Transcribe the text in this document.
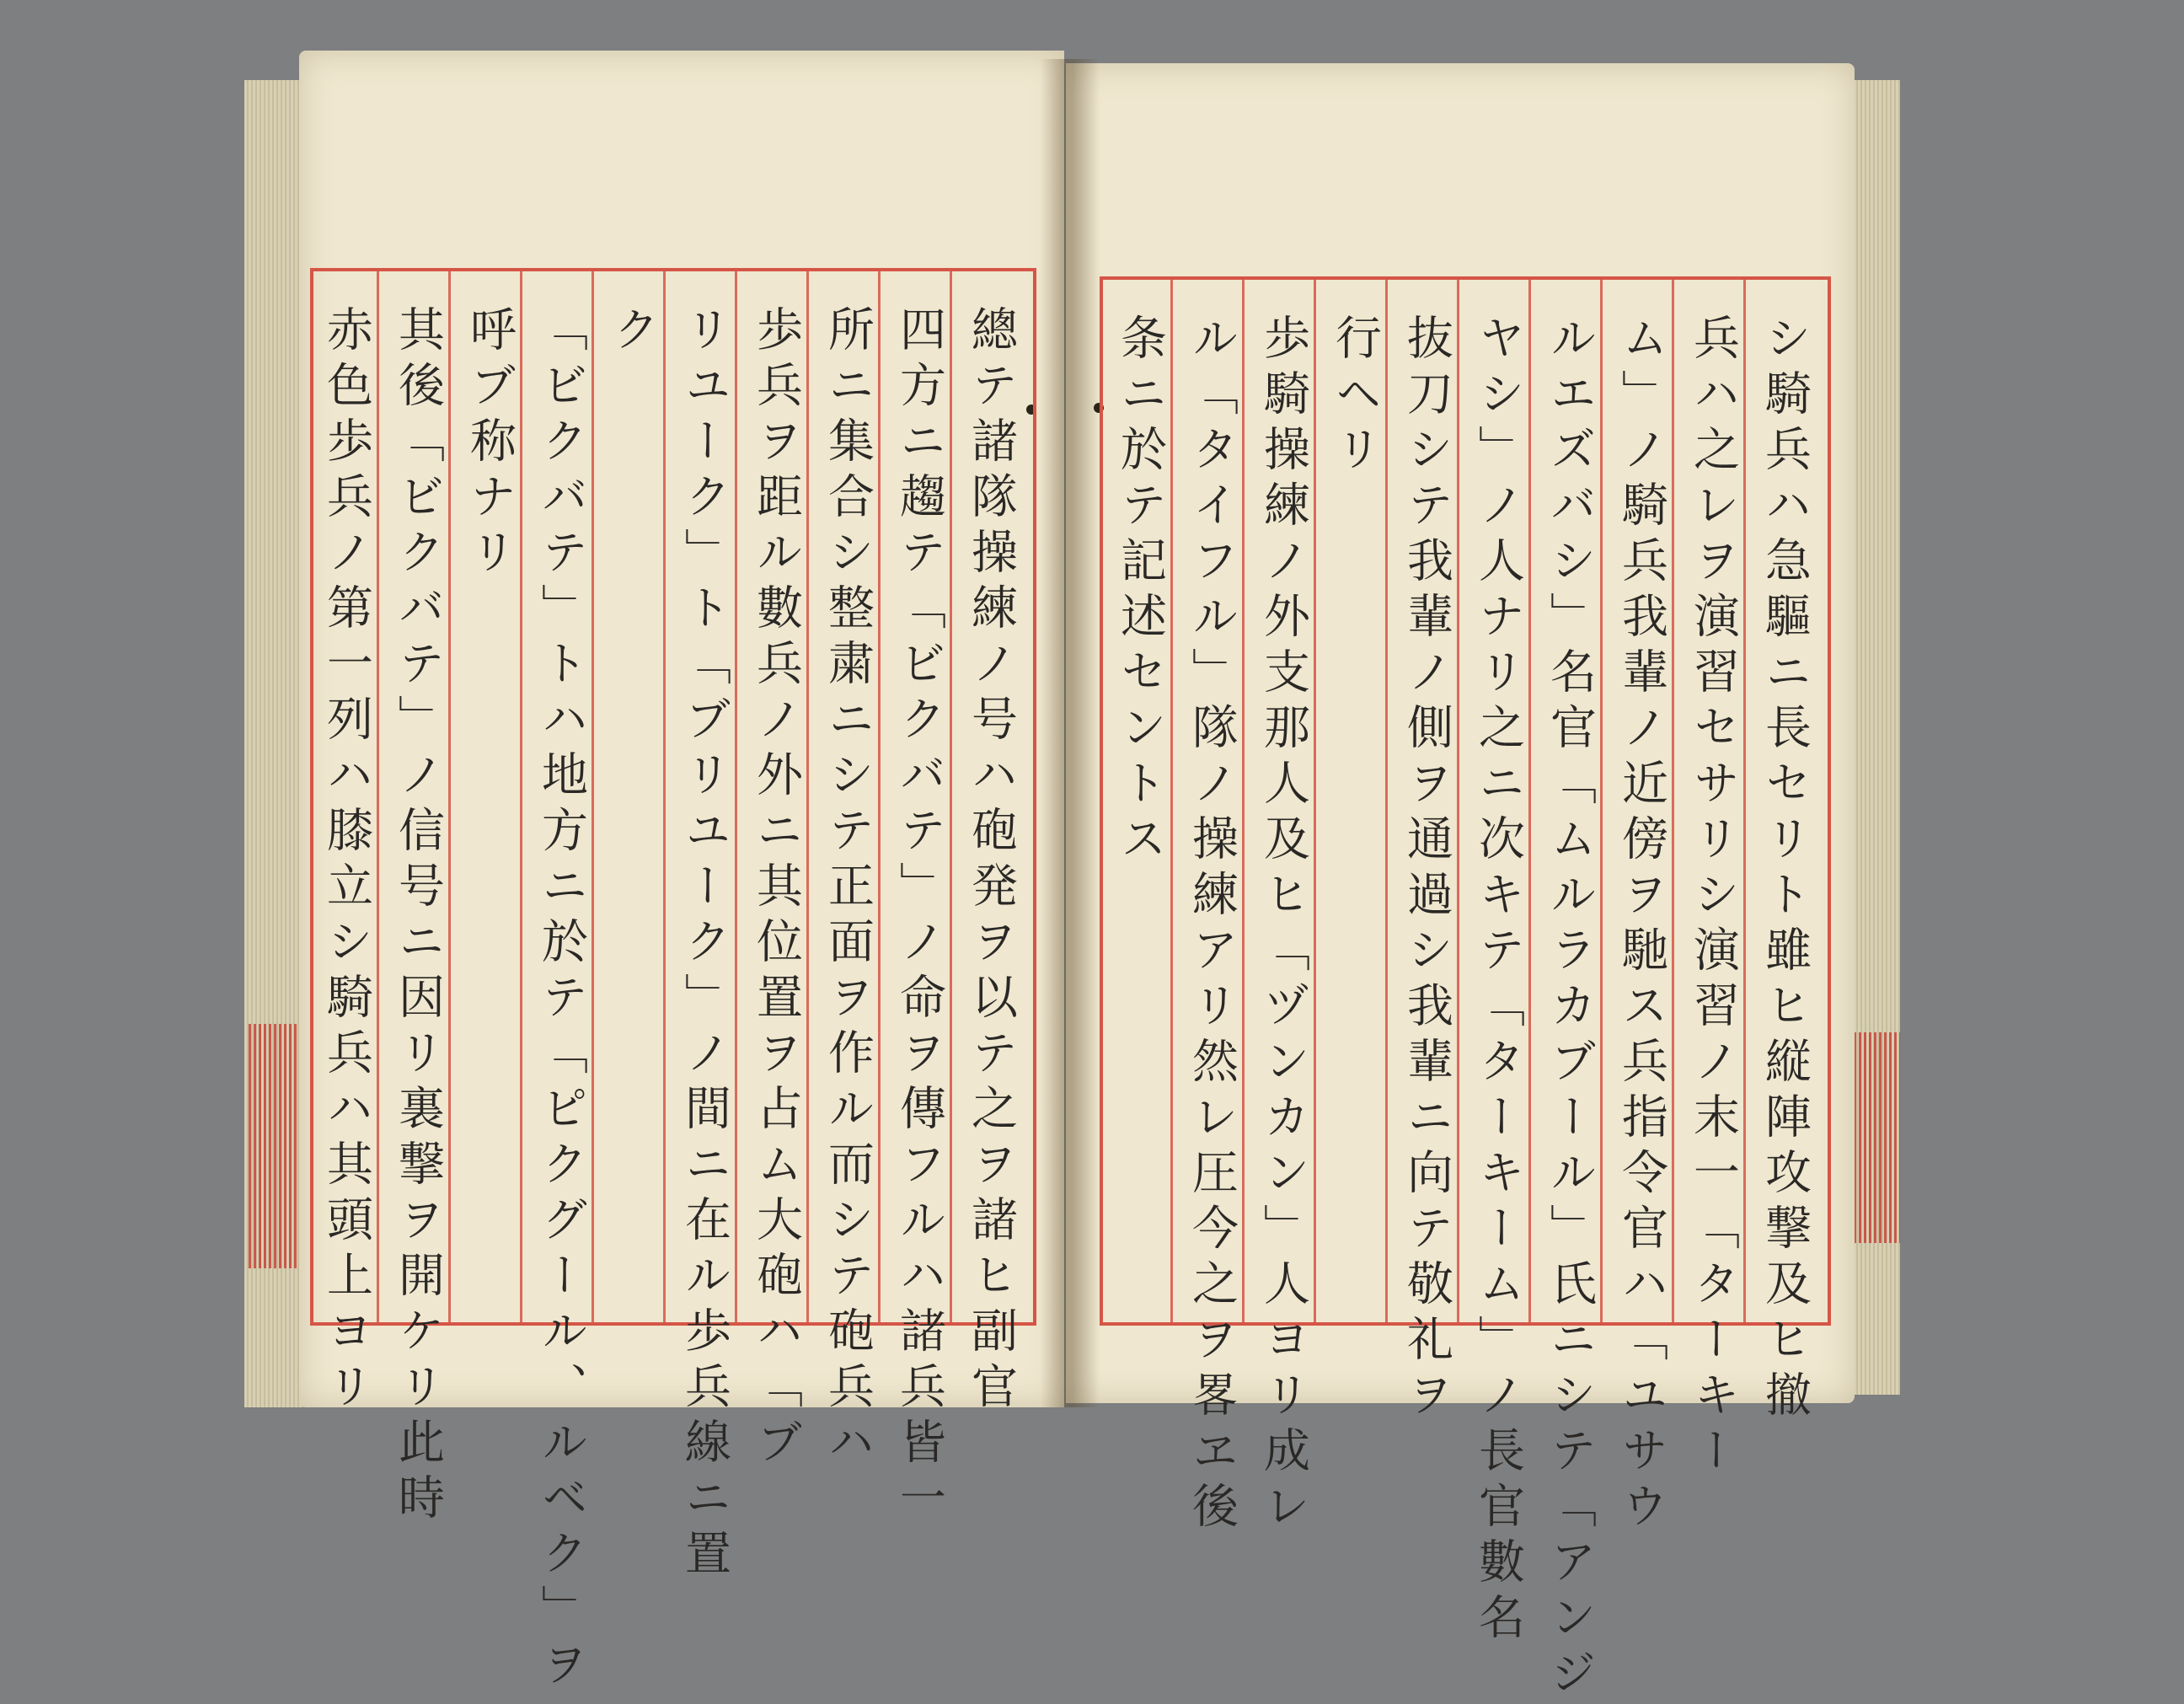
總テ諸隊操練ノ号ハ砲発ヲ以テ之ヲ諸ヒ副官
四方ニ趨テ「ビクバテ」ノ命ヲ傳フルハ諸兵皆一
所ニ集合シ整粛ニシテ正面ヲ作ル而シテ砲兵ハ
歩兵ヲ距ル數兵ノ外ニ其位置ヲ占ム大砲ハ「ブ
リユーク」ト「ブリユーク」ノ間ニ在ル歩兵線ニ置
ク
「ビクバテ」トハ地方ニ於テ「ピクグール、ルベク」ヲ
呼ブ称ナリ
其後「ビクバテ」ノ信号ニ因リ裏撃ヲ開ケリ此時
赤色歩兵ノ第一列ハ膝立シ騎兵ハ其頭上ヨリ	シ騎兵ハ急驅ニ長セリト雖ヒ縦陣攻撃及ヒ撤
兵ハ之レヲ演習セサリシ演習ノ末一「ターキー
ム」ノ騎兵我輩ノ近傍ヲ馳ス兵指令官ハ「ユサウ
ルエズバシ」名官「ムルラカブール」氏ニシテ「アンジ
ヤシ」ノ人ナリ之ニ次キテ「ターキーム」ノ長官數名
抜刀シテ我輩ノ側ヲ通過シ我輩ニ向テ敬礼ヲ
行ヘリ
歩騎操練ノ外支那人及ヒ「ヅンカン」人ヨリ成レ
ル「タイフル」隊ノ操練アリ然レ圧今之ヲ畧ヱ後
条ニ於テ記述セントス
